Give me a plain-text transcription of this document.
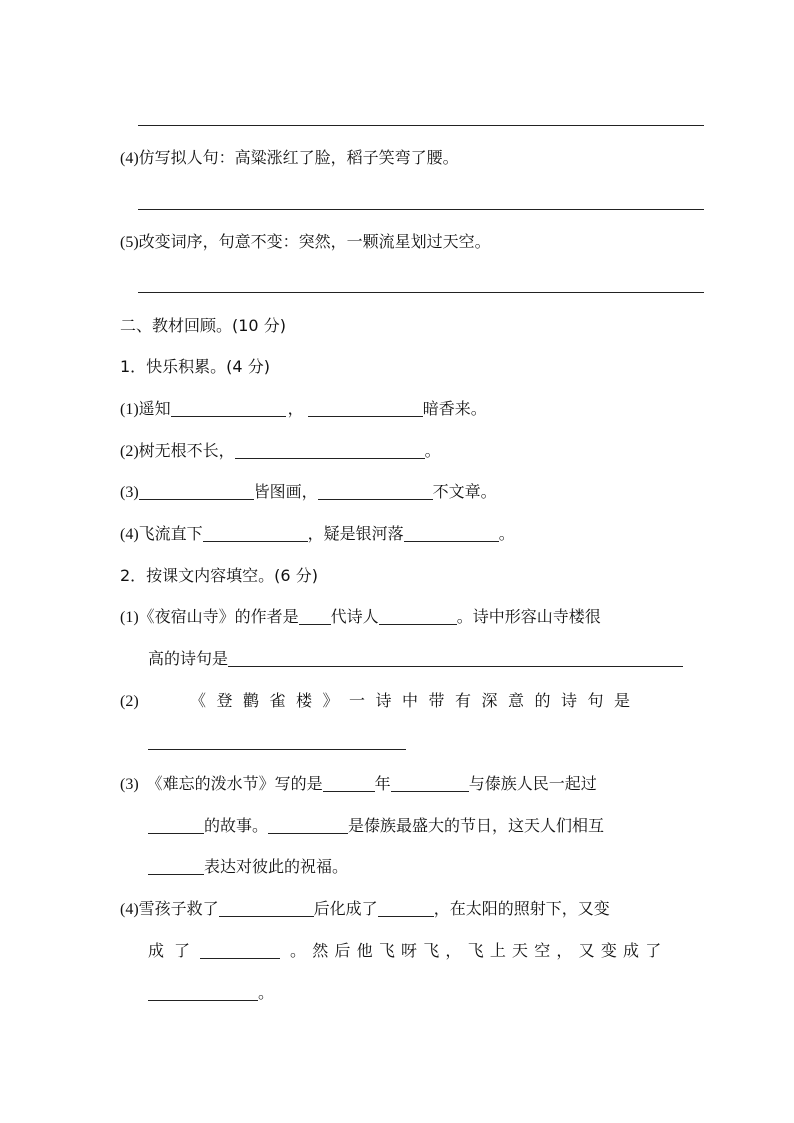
(4)仿写拟人句：高粱涨红了脸，稻子笑弯了腰。
(5)改变词序，句意不变：突然，一颗流星划过天空。
二、教材回顾。(10 分)
1．快乐积累。(4 分)
(1)遥知	，	暗香来。
(2)树无根不长，	。
(3)	皆图画，	不文章。
(4)飞流直下	，疑是银河落	。
2．按课文内容填空。(6 分)
(1)《夜宿山寺》的作者是 代诗人	。诗中形容山寺楼很
高的诗句是
(2)	《登鹳雀楼》一诗中带有深意的诗句是
(3) 《难忘的泼水节》写的是	年	与傣族人民一起过
的故事。	是傣族最盛大的节日，这天人们相互
表达对彼此的祝福。
(4)雪孩子救了	后化成了	，在太阳的照射下，又变
成了	。然后他飞呀飞，飞上天空，又变成了
。
